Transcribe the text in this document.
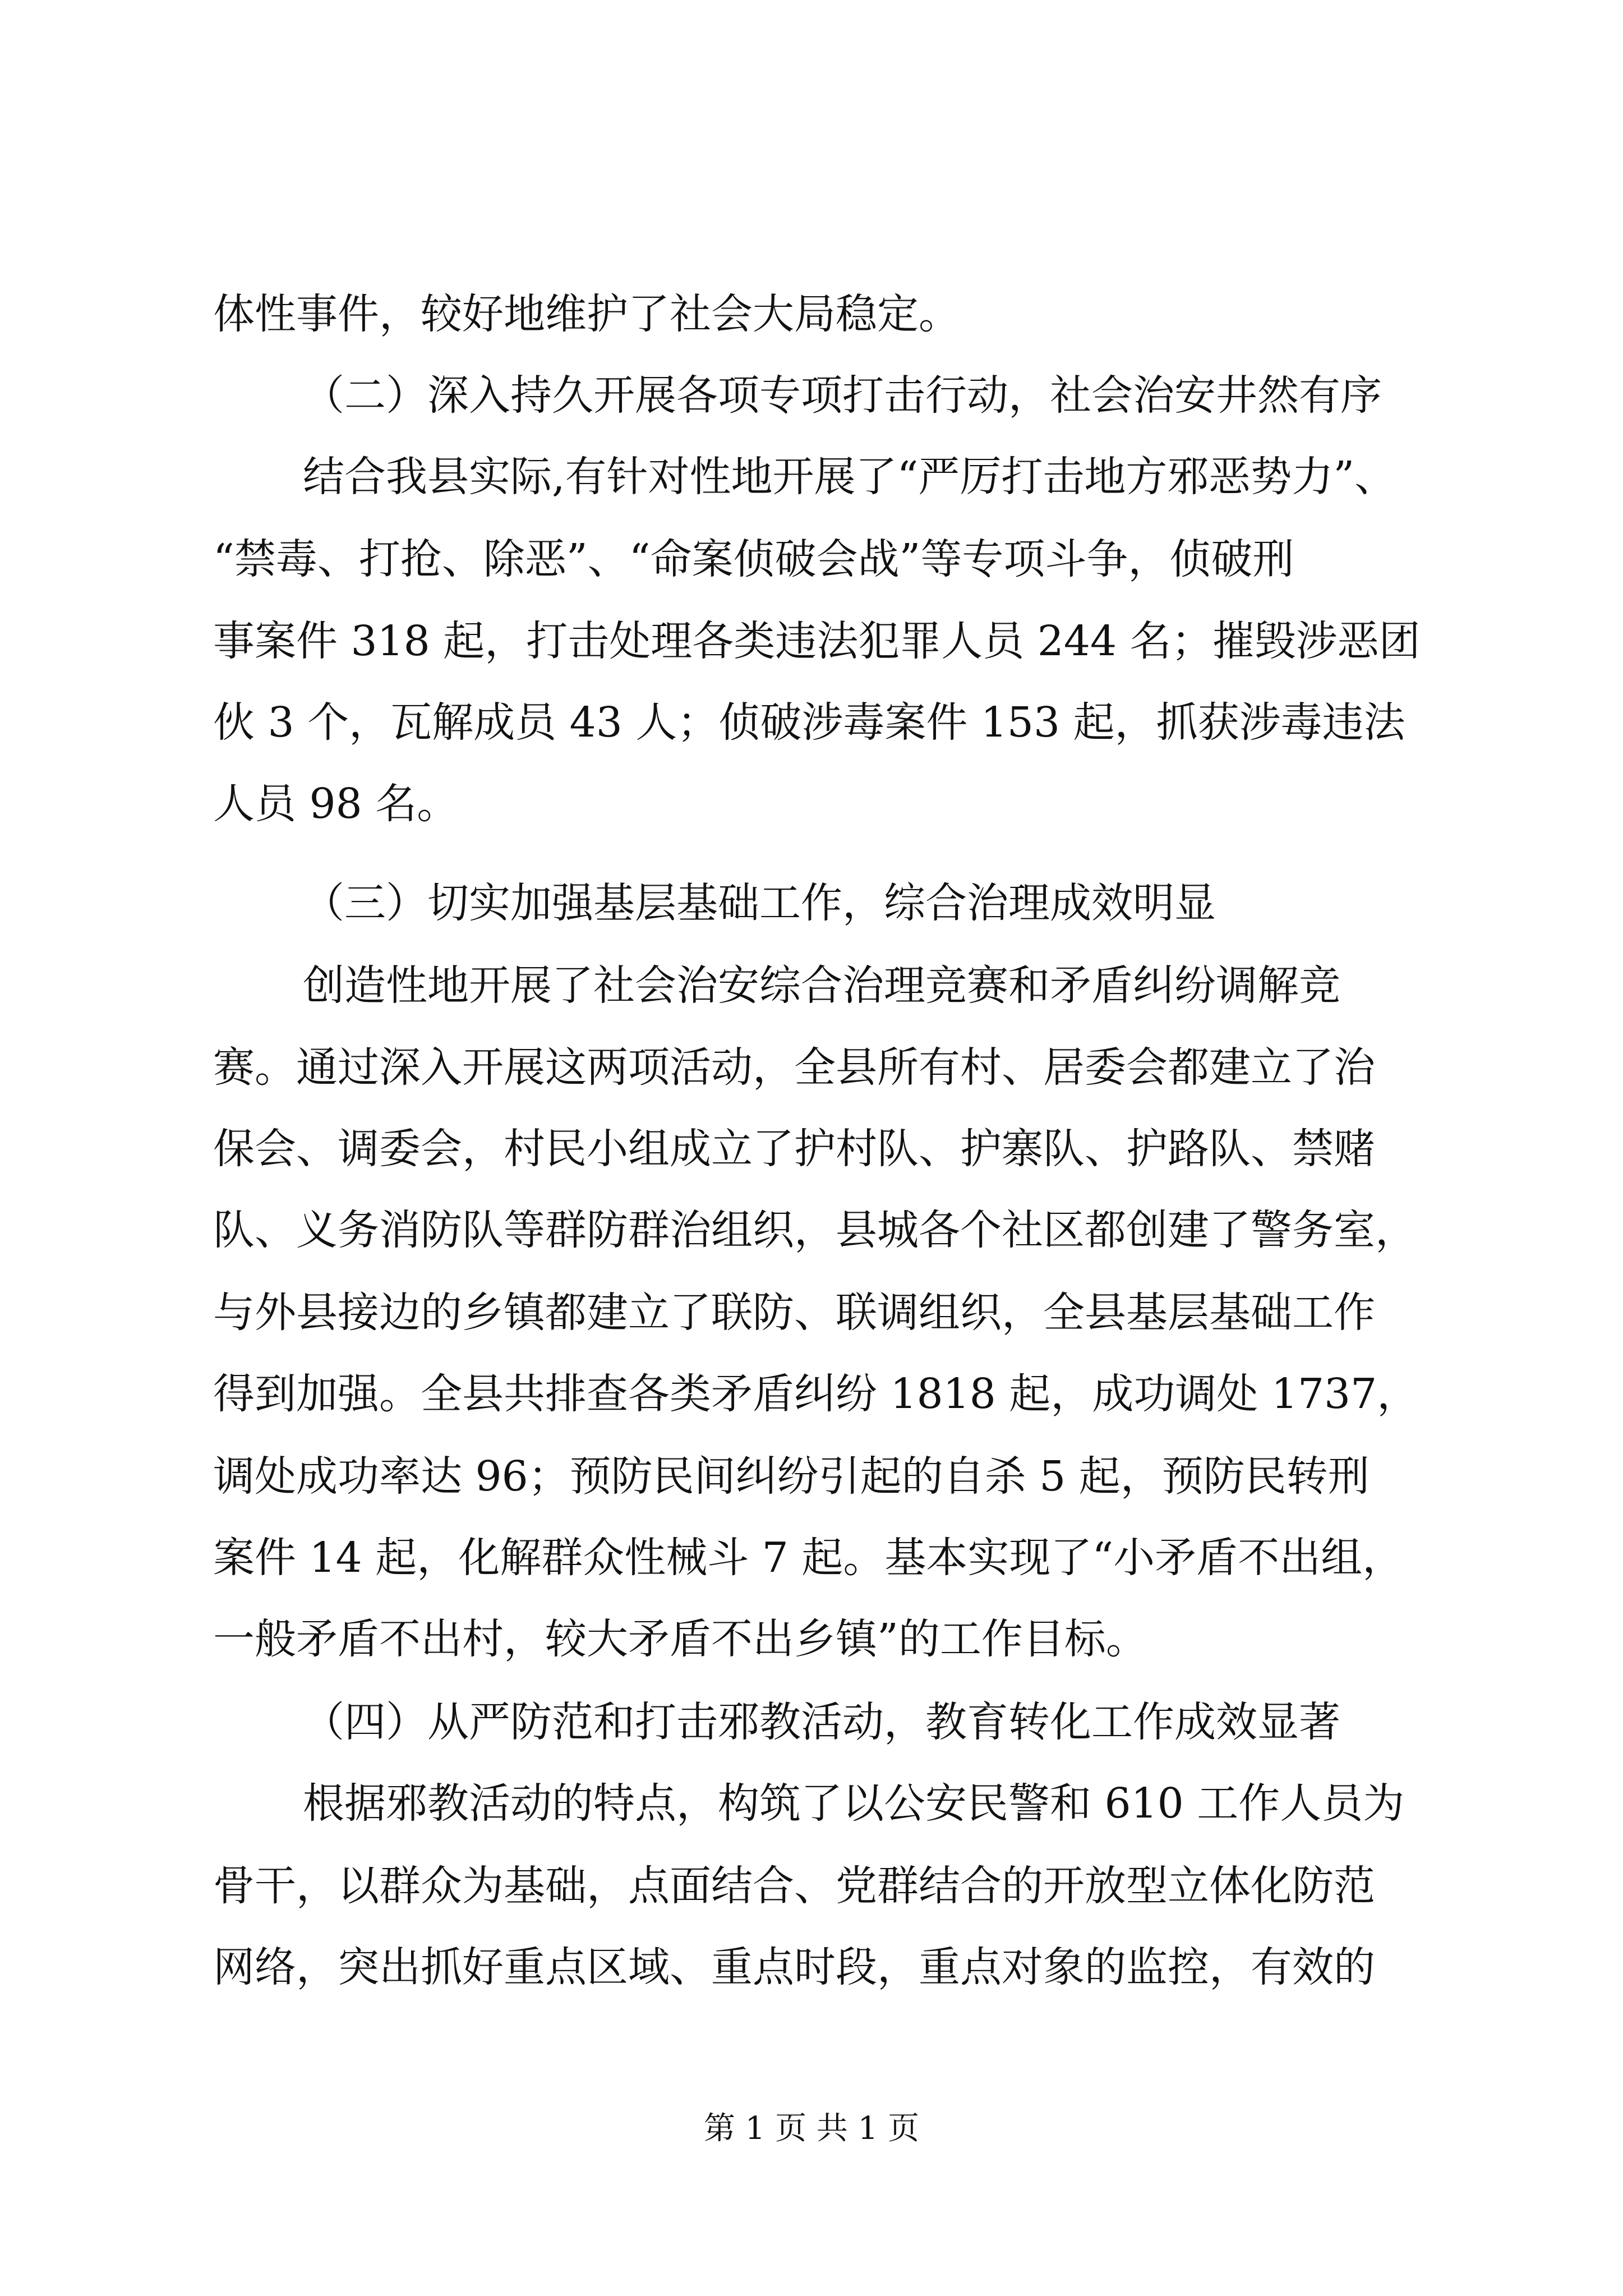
体性事件，较好地维护了社会大局稳定。
（二）深入持久开展各项专项打击行动，社会治安井然有序
结合我县实际,有针对性地开展了“严厉打击地方邪恶势力”、
“禁毒、打抢、除恶”、“命案侦破会战”等专项斗争，侦破刑
事案件 318 起，打击处理各类违法犯罪人员 244 名；摧毁涉恶团
伙 3 个，瓦解成员 43 人；侦破涉毒案件 153 起，抓获涉毒违法
人员 98 名。
（三）切实加强基层基础工作，综合治理成效明显
创造性地开展了社会治安综合治理竞赛和矛盾纠纷调解竞
赛。通过深入开展这两项活动，全县所有村、居委会都建立了治
保会、调委会，村民小组成立了护村队、护寨队、护路队、禁赌
队、义务消防队等群防群治组织，县城各个社区都创建了警务室，
与外县接边的乡镇都建立了联防、联调组织，全县基层基础工作
得到加强。全县共排查各类矛盾纠纷 1818 起，成功调处 1737，
调处成功率达 96；预防民间纠纷引起的自杀 5 起，预防民转刑
案件 14 起，化解群众性械斗 7 起。基本实现了“小矛盾不出组，
一般矛盾不出村，较大矛盾不出乡镇”的工作目标。
（四）从严防范和打击邪教活动，教育转化工作成效显著
根据邪教活动的特点，构筑了以公安民警和 610 工作人员为
骨干，以群众为基础，点面结合、党群结合的开放型立体化防范
网络，突出抓好重点区域、重点时段，重点对象的监控，有效的
第 1 页 共 1 页
